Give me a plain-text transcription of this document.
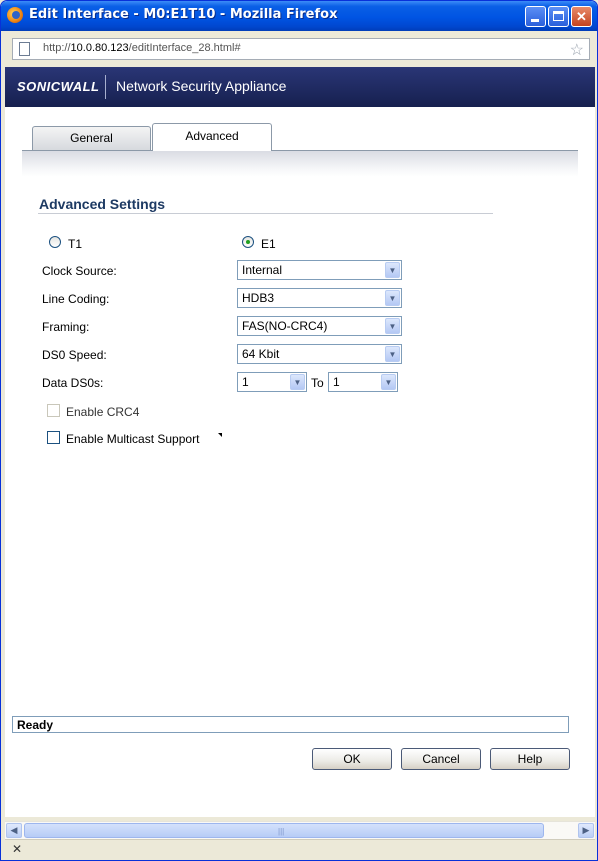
Edit Interface - M0:E1T10 - Mozilla Firefox	✕
http://10.0.80.123/editInterface_28.html#	☆
SONICWALL Network Security Appliance
General	Advanced
Advanced Settings
T1	E1
Clock Source:	Internal	▼
Line Coding:	HDB3	▼
Framing:	FAS(NO-CRC4)	▼
DS0 Speed:	64 Kbit	▼
Data DS0s:	1	▼ To 1	▼
Enable CRC4
Enable Multicast Support
Ready
OK	Cancel	Help
◀	|||	▶
✕
